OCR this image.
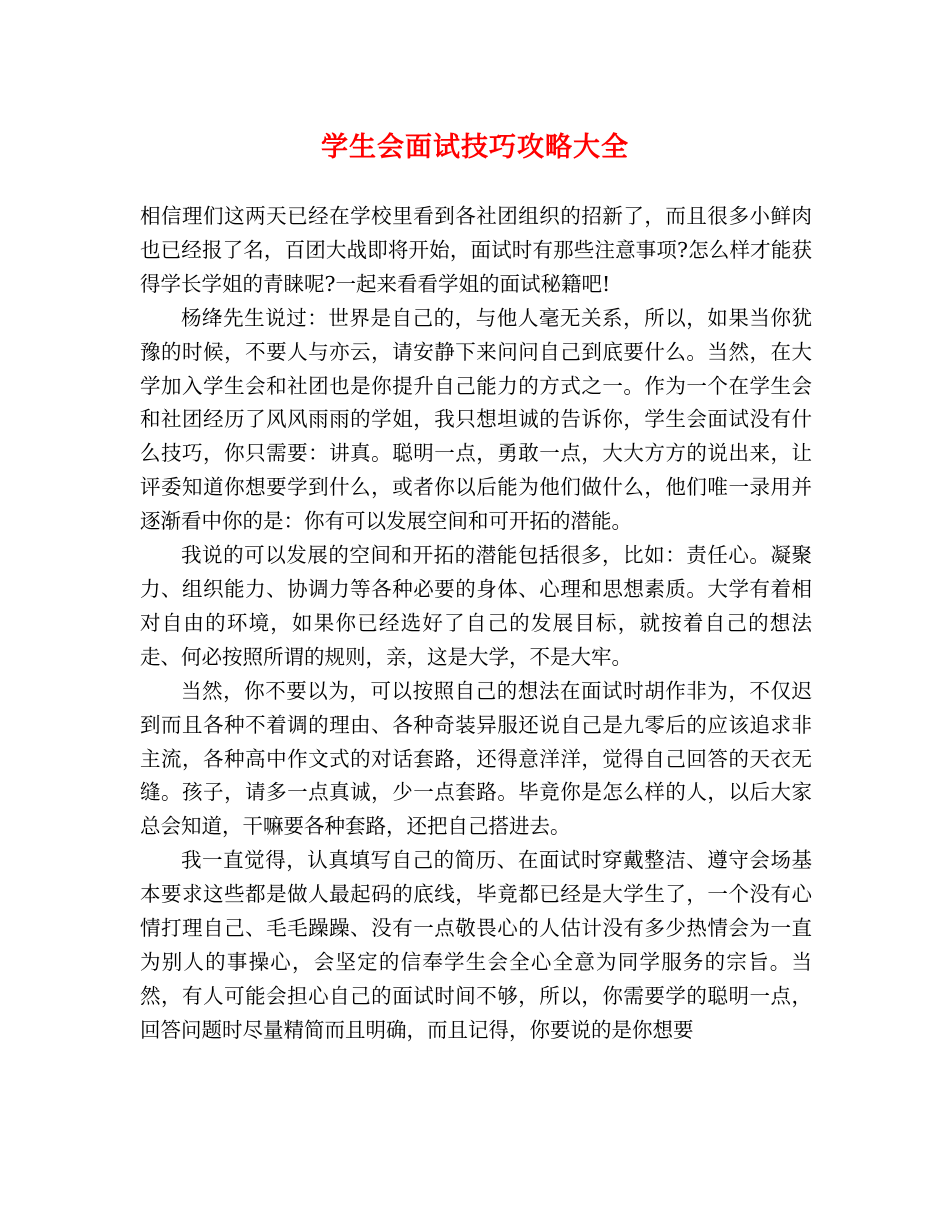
学生会面试技巧攻略大全

相信理们这两天已经在学校里看到各社团组织的招新了，而且很多小鲜肉也已经报了名，百团大战即将开始，面试时有那些注意事项?怎么样才能获得学长学姐的青睐呢?一起来看看学姐的面试秘籍吧!

杨绛先生说过：世界是自己的，与他人毫无关系，所以，如果当你犹豫的时候，不要人与亦云，请安静下来问问自己到底要什么。当然，在大学加入学生会和社团也是你提升自己能力的方式之一。作为一个在学生会和社团经历了风风雨雨的学姐，我只想坦诚的告诉你，学生会面试没有什么技巧，你只需要：讲真。聪明一点，勇敢一点，大大方方的说出来，让评委知道你想要学到什么，或者你以后能为他们做什么，他们唯一录用并逐渐看中你的是：你有可以发展空间和可开拓的潜能。

我说的可以发展的空间和开拓的潜能包括很多，比如：责任心。凝聚力、组织能力、协调力等各种必要的身体、心理和思想素质。大学有着相对自由的环境，如果你已经选好了自己的发展目标，就按着自己的想法走、何必按照所谓的规则，亲，这是大学，不是大牢。

当然，你不要以为，可以按照自己的想法在面试时胡作非为，不仅迟到而且各种不着调的理由、各种奇装异服还说自己是九零后的应该追求非主流，各种高中作文式的对话套路，还得意洋洋，觉得自己回答的天衣无缝。孩子，请多一点真诚，少一点套路。毕竟你是怎么样的人，以后大家总会知道，干嘛要各种套路，还把自己搭进去。

我一直觉得，认真填写自己的简历、在面试时穿戴整洁、遵守会场基本要求这些都是做人最起码的底线，毕竟都已经是大学生了，一个没有心情打理自己、毛毛躁躁、没有一点敬畏心的人估计没有多少热情会为一直为别人的事操心，会坚定的信奉学生会全心全意为同学服务的宗旨。当然，有人可能会担心自己的面试时间不够，所以，你需要学的聪明一点，回答问题时尽量精简而且明确，而且记得，你要说的是你想要
